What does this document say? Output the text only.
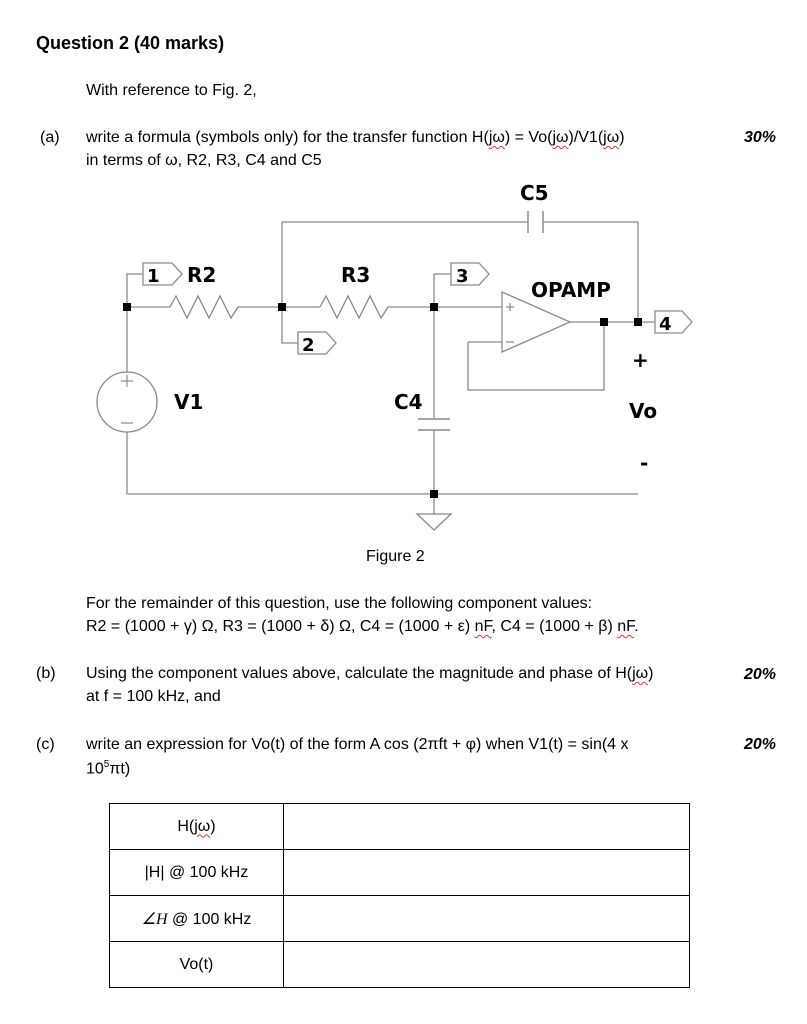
Question 2 (40 marks)
With reference to Fig. 2,
(a) write a formula (symbols only) for the transfer function H(jω) = Vo(jω)/V1(jω)
in terms of ω, R2, R3, C4 and C5
30%
C5
R2	R3
OPAMP
V1	C4	Vo
+
-
1
2
3
4
Figure 2
For the remainder of this question, use the following component values:
R2 = (1000 + γ) Ω, R3 = (1000 + δ) Ω, C4 = (1000 + ε) nF, C4 = (1000 + β) nF.
(b) Using the component values above, calculate the magnitude and phase of H(jω)
at f = 100 kHz, and
20%
(c) write an expression for Vo(t) of the form A cos (2πft + φ) when V1(t) = sin(4 x
$10^5\pi t$)
20%
H(jω)	
|H| @ 100 kHz	
∠H @ 100 kHz	
Vo(t)	
